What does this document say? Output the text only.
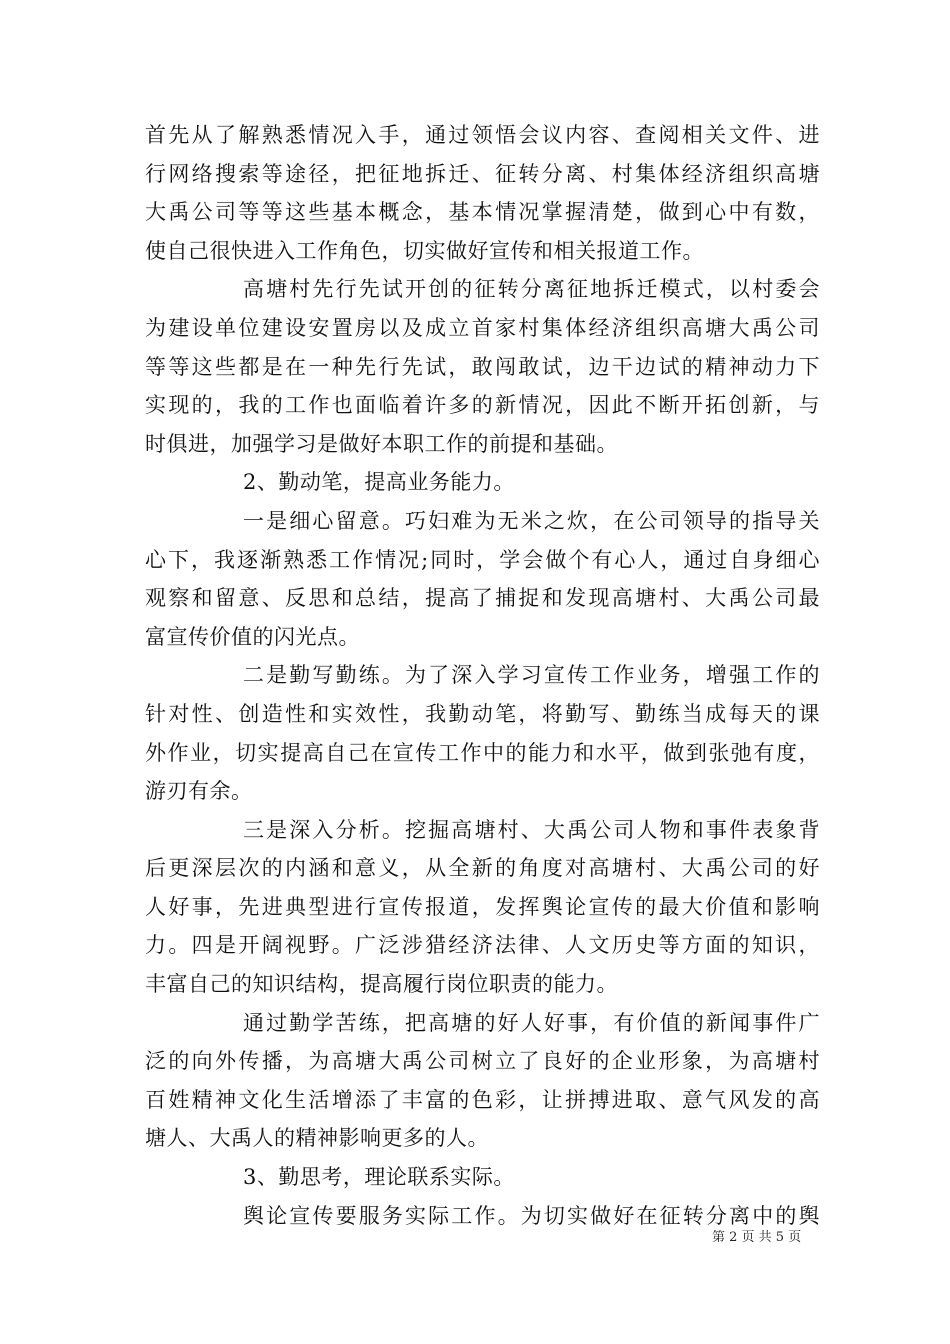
首先从了解熟悉情况入手，通过领悟会议内容、查阅相关文件、进
行网络搜索等途径，把征地拆迁、征转分离、村集体经济组织高塘
大禹公司等等这些基本概念，基本情况掌握清楚，做到心中有数，
使自己很快进入工作角色，切实做好宣传和相关报道工作。
高塘村先行先试开创的征转分离征地拆迁模式，以村委会
为建设单位建设安置房以及成立首家村集体经济组织高塘大禹公司
等等这些都是在一种先行先试，敢闯敢试，边干边试的精神动力下
实现的，我的工作也面临着许多的新情况，因此不断开拓创新，与
时俱进，加强学习是做好本职工作的前提和基础。
2、勤动笔，提高业务能力。
一是细心留意。巧妇难为无米之炊，在公司领导的指导关
心下，我逐渐熟悉工作情况;同时，学会做个有心人，通过自身细心
观察和留意、反思和总结，提高了捕捉和发现高塘村、大禹公司最
富宣传价值的闪光点。
二是勤写勤练。为了深入学习宣传工作业务，增强工作的
针对性、创造性和实效性，我勤动笔，将勤写、勤练当成每天的课
外作业，切实提高自己在宣传工作中的能力和水平，做到张弛有度，
游刃有余。
三是深入分析。挖掘高塘村、大禹公司人物和事件表象背
后更深层次的内涵和意义，从全新的角度对高塘村、大禹公司的好
人好事，先进典型进行宣传报道，发挥舆论宣传的最大价值和影响
力。四是开阔视野。广泛涉猎经济法律、人文历史等方面的知识，
丰富自己的知识结构，提高履行岗位职责的能力。
通过勤学苦练，把高塘的好人好事，有价值的新闻事件广
泛的向外传播，为高塘大禹公司树立了良好的企业形象，为高塘村
百姓精神文化生活增添了丰富的色彩，让拼搏进取、意气风发的高
塘人、大禹人的精神影响更多的人。
3、勤思考，理论联系实际。
舆论宣传要服务实际工作。为切实做好在征转分离中的舆
第 2 页 共 5 页
